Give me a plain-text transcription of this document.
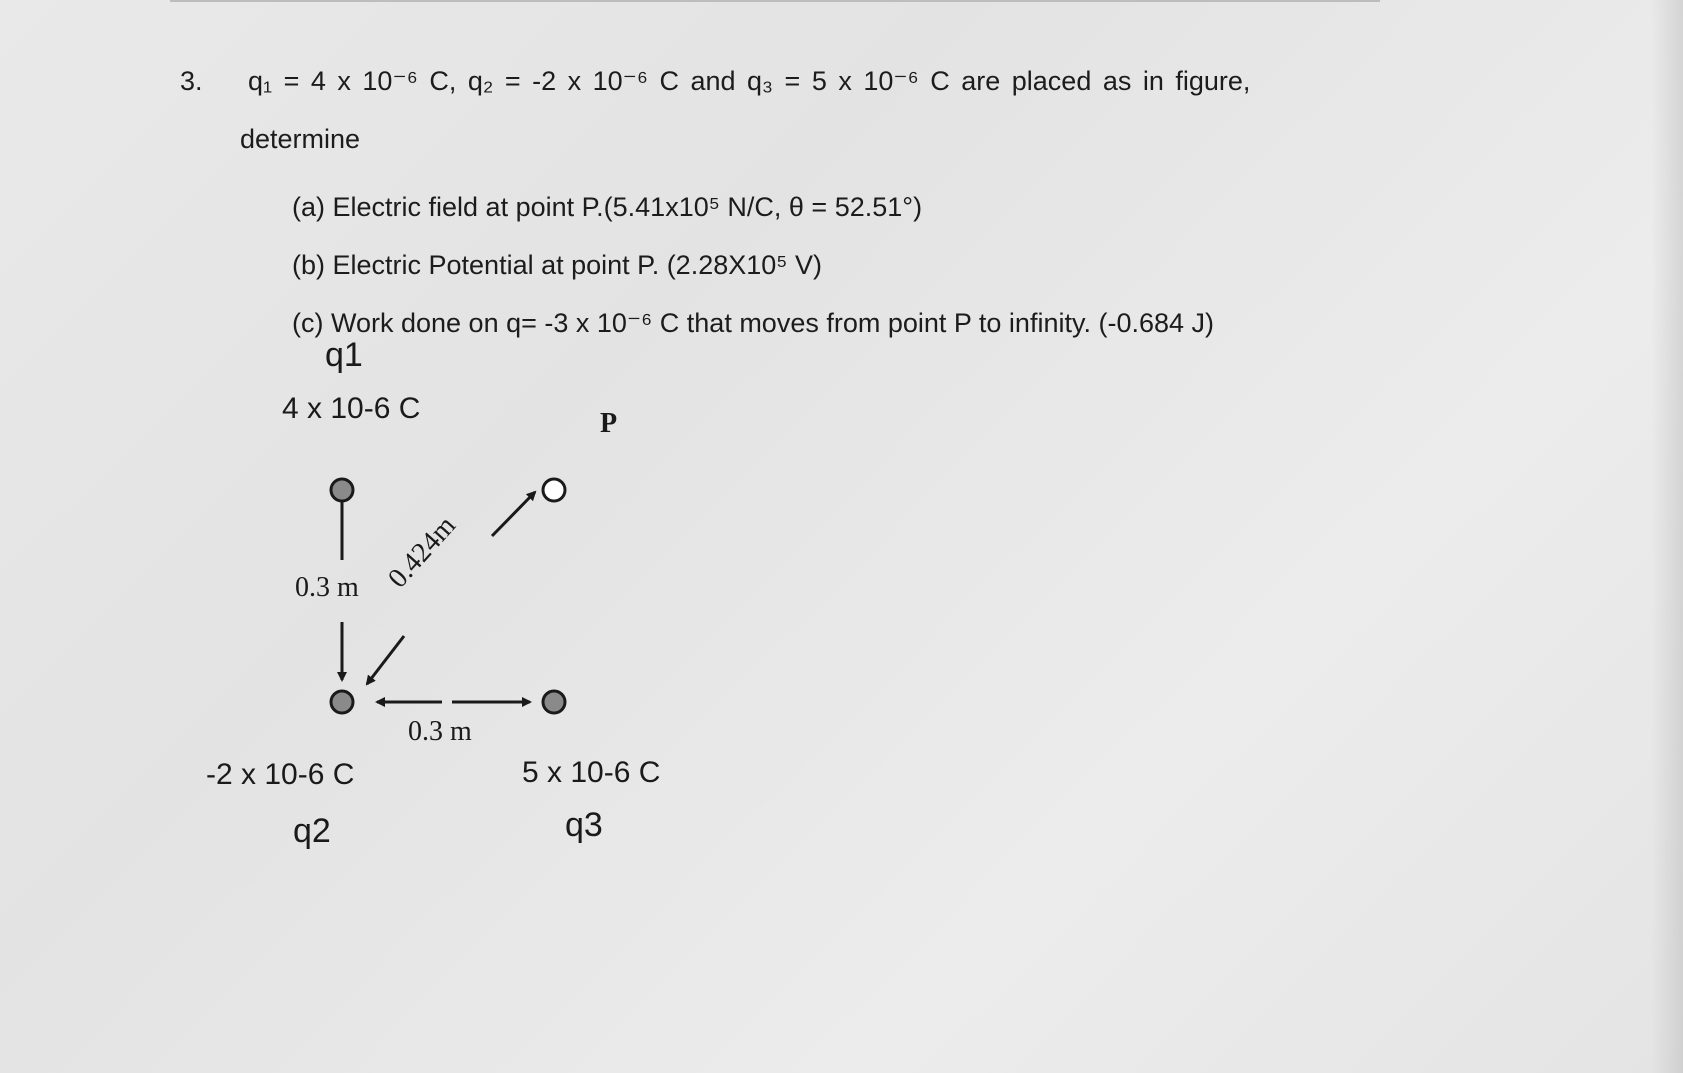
3. q₁ = 4 x 10⁻⁶ C, q₂ = -2 x 10⁻⁶ C and q₃ = 5 x 10⁻⁶ C are placed as in figure,
determine
(a) Electric field at point P.(5.41x10⁵ N/C, θ = 52.51°)
(b) Electric Potential at point P. (2.28X10⁵ V)
(c) Work done on q= -3 x 10⁻⁶ C that moves from point P to infinity. (-0.684 J)
q1
4 x 10-6 C	P
0.3 m 0.424m
0.3 m
-2 x 10-6 C
q2
5 x 10-6 C
q3
